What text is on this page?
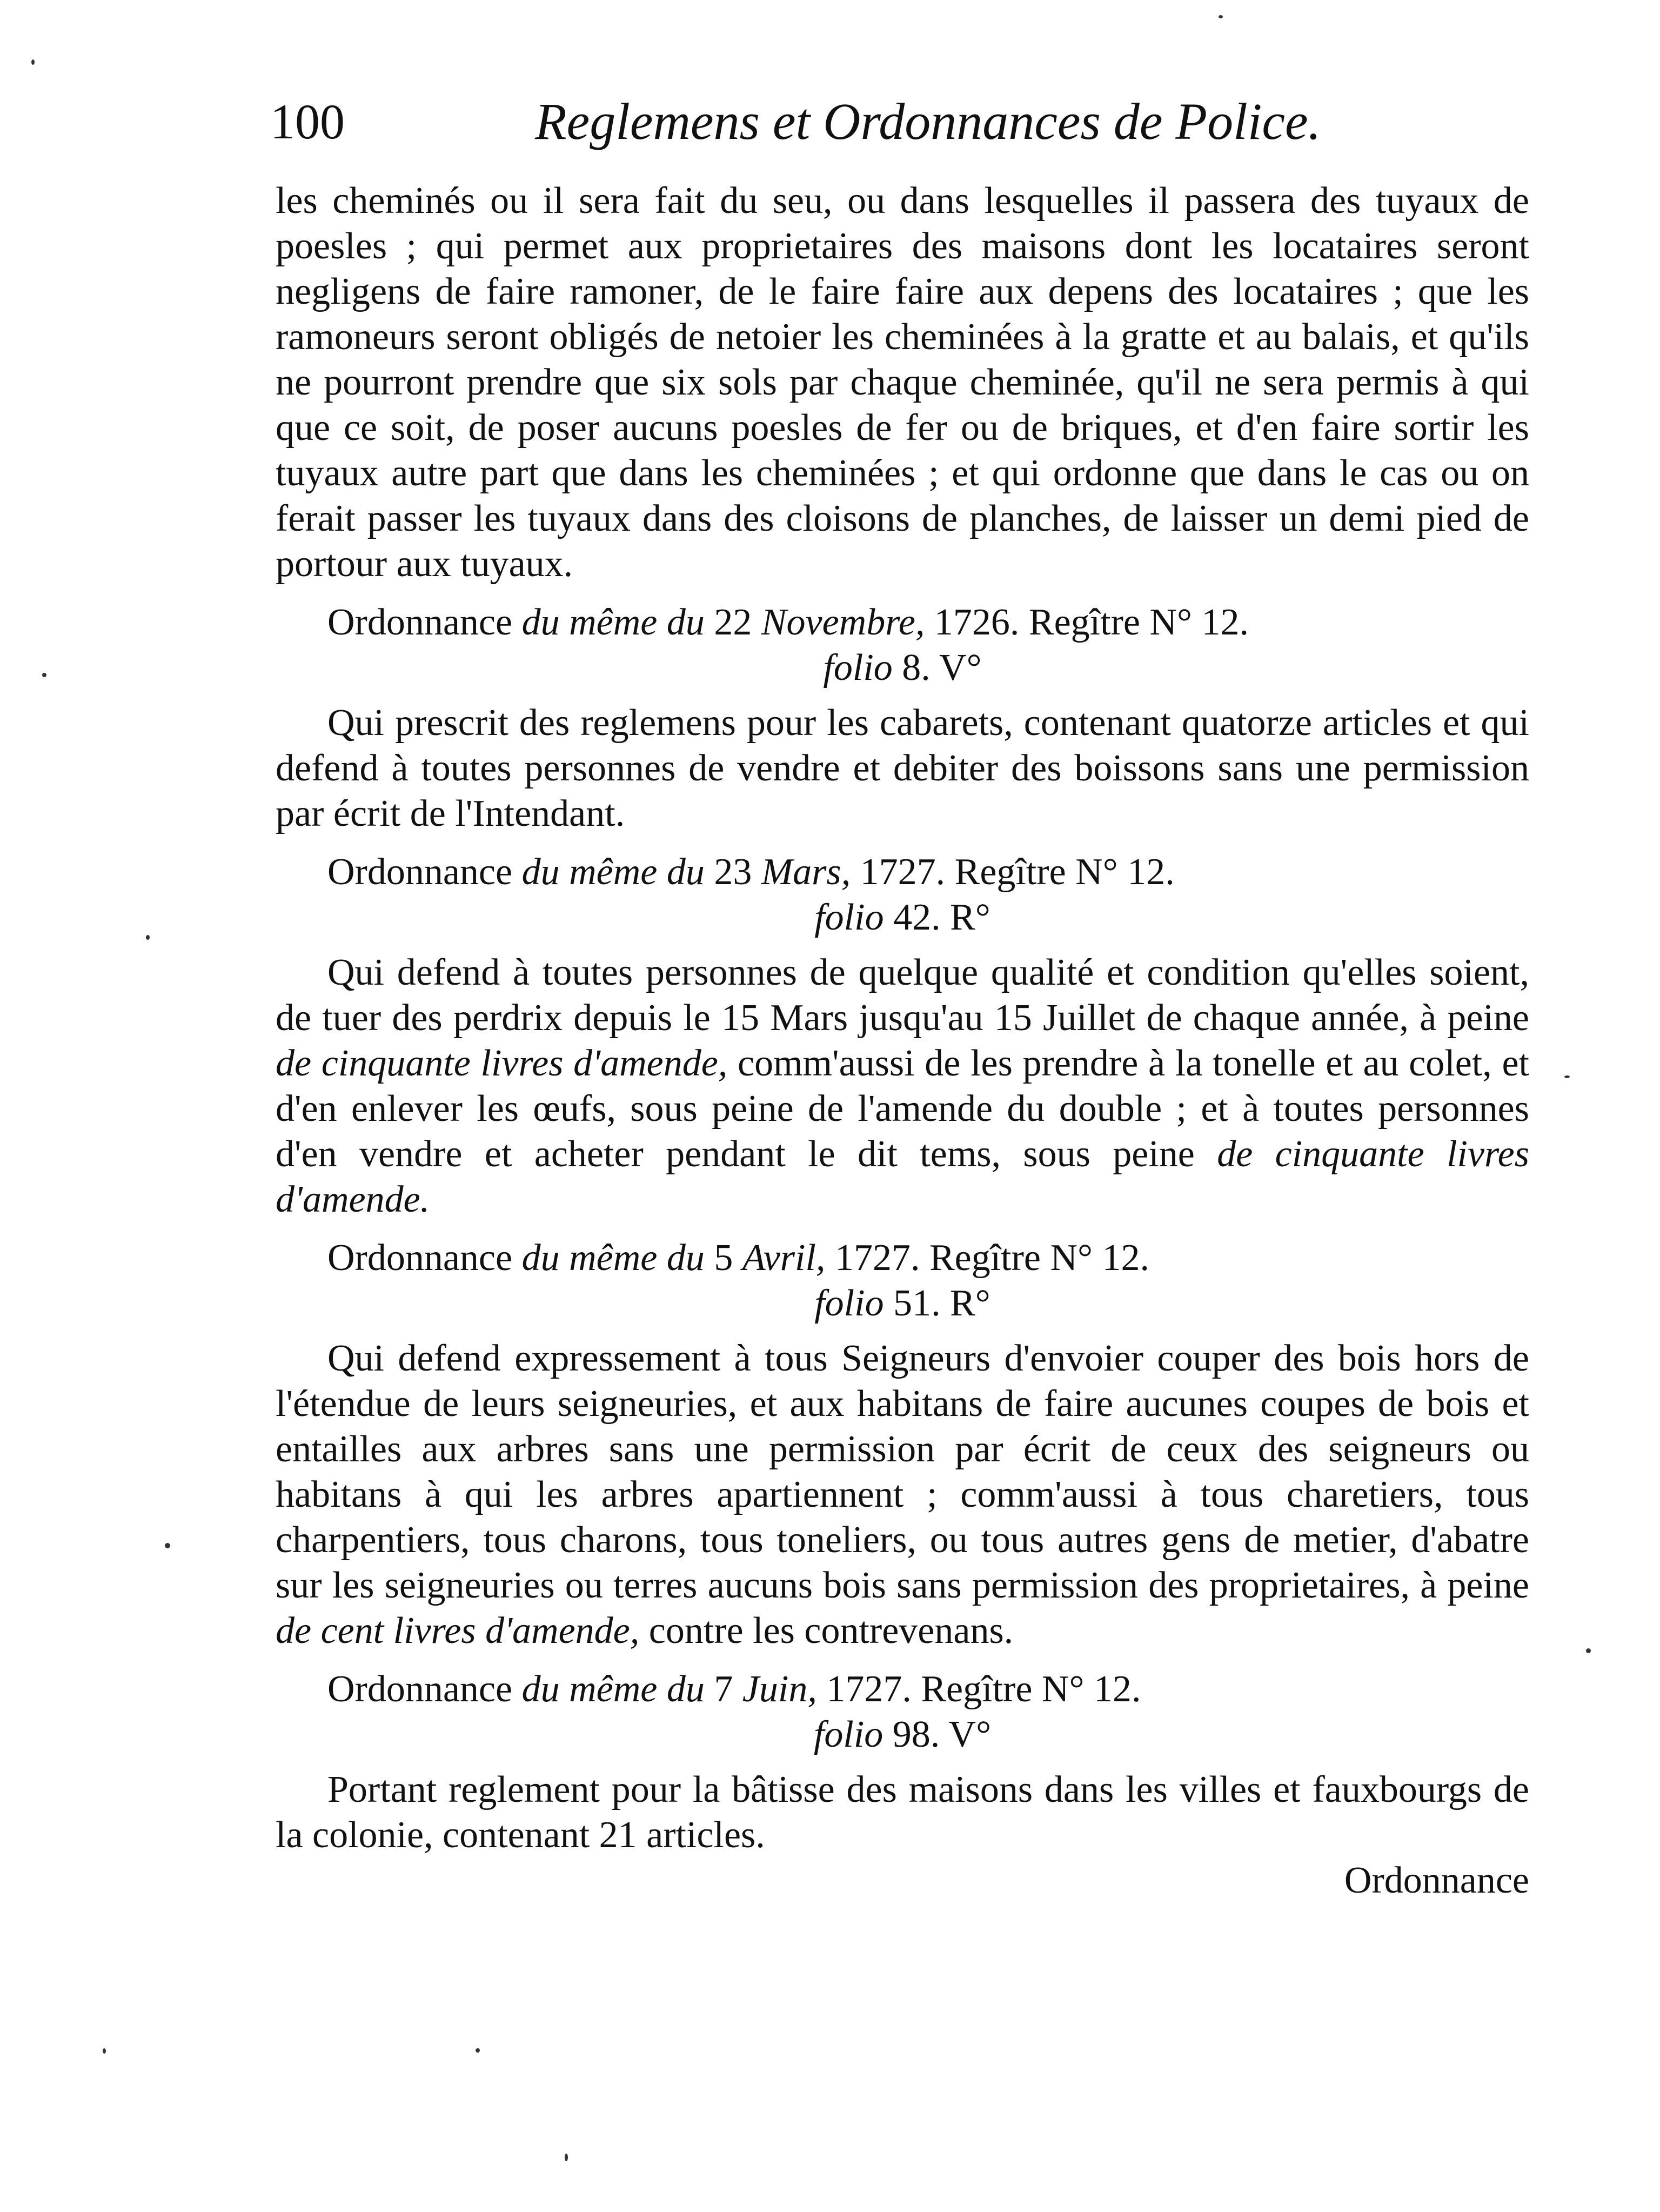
100	Reglemens et Ordonnances de Police.

les cheminés ou il sera fait du seu, ou dans lesquelles il passera des tuyaux de poesles ; qui permet aux proprietaires des maisons dont les locataires seront negligens de faire ramoner, de le faire faire aux depens des locataires ; que les ramoneurs seront obligés de netoier les cheminées à la gratte et au balais, et qu'ils ne pourront prendre que six sols par chaque cheminée, qu'il ne sera permis à qui que ce soit, de poser aucuns poesles de fer ou de briques, et d'en faire sortir les tuyaux autre part que dans les cheminées ; et qui ordonne que dans le cas ou on ferait passer les tuyaux dans des cloisons de planches, de laisser un demi pied de portour aux tuyaux.

Ordonnance du même du 22 Novembre, 1726. Regître N° 12.
folio 8. V°

Qui prescrit des reglemens pour les cabarets, contenant quatorze articles et qui defend à toutes personnes de vendre et debiter des boissons sans une permission par écrit de l'Intendant.

Ordonnance du même du 23 Mars, 1727. Regître N° 12.
folio 42. R°

Qui defend à toutes personnes de quelque qualité et condition qu'elles soient, de tuer des perdrix depuis le 15 Mars jusqu'au 15 Juillet de chaque année, à peine de cinquante livres d'amende, comm'aussi de les prendre à la tonelle et au colet, et d'en enlever les œufs, sous peine de l'amende du double ; et à toutes personnes d'en vendre et acheter pendant le dit tems, sous peine de cinquante livres d'amende.

Ordonnance du même du 5 Avril, 1727. Regître N° 12.
folio 51. R°

Qui defend expressement à tous Seigneurs d'envoier couper des bois hors de l'étendue de leurs seigneuries, et aux habitans de faire aucunes coupes de bois et entailles aux arbres sans une permission par écrit de ceux des seigneurs ou habitans à qui les arbres apartiennent ; comm'aussi à tous charetiers, tous charpentiers, tous charons, tous toneliers, ou tous autres gens de metier, d'abatre sur les seigneuries ou terres aucuns bois sans permission des proprietaires, à peine de cent livres d'amende, contre les contrevenans.

Ordonnance du même du 7 Juin, 1727. Regître N° 12.
folio 98. V°

Portant reglement pour la bâtisse des maisons dans les villes et fauxbourgs de la colonie, contenant 21 articles.

Ordonnance
